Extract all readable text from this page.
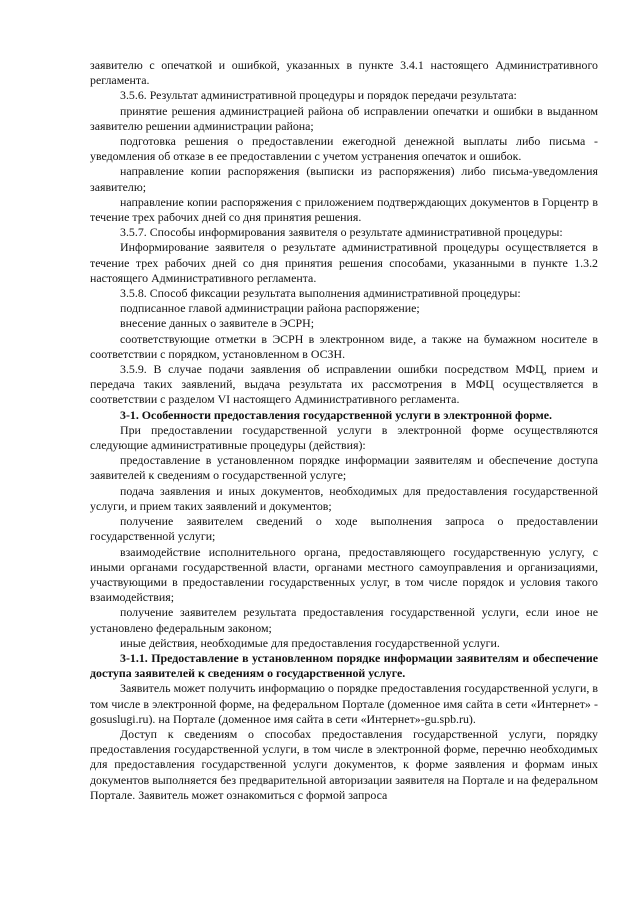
заявителю с опечаткой и ошибкой, указанных в пункте 3.4.1 настоящего Административного регламента.

3.5.6. Результат административной процедуры и порядок передачи результата:

принятие решения администрацией района об исправлении опечатки и ошибки в выданном заявителю решении администрации района;

подготовка решения о предоставлении ежегодной денежной выплаты либо письма - уведомления об отказе в ее предоставлении с учетом устранения опечаток и ошибок.

направление копии распоряжения (выписки из распоряжения) либо письма-уведомления заявителю;

направление копии распоряжения с приложением подтверждающих документов в Горцентр в течение трех рабочих дней со дня принятия решения.

3.5.7. Способы информирования заявителя о результате административной процедуры:

Информирование заявителя о результате административной процедуры осуществляется в течение трех рабочих дней со дня принятия решения способами, указанными в пункте 1.3.2 настоящего Административного регламента.

3.5.8. Способ фиксации результата выполнения административной процедуры:

подписанное главой администрации района распоряжение;

внесение данных о заявителе в ЭСРН;

соответствующие отметки в ЭСРН в электронном виде, а также на бумажном носителе в соответствии с порядком, установленном в ОСЗН.

3.5.9. В случае подачи заявления об исправлении ошибки посредством МФЦ, прием и передача таких заявлений, выдача результата их рассмотрения в МФЦ осуществляется в соответствии с разделом VI настоящего Административного регламента.

3-1. Особенности предоставления государственной услуги в электронной форме.

При предоставлении государственной услуги в электронной форме осуществляются следующие административные процедуры (действия):

предоставление в установленном порядке информации заявителям и обеспечение доступа заявителей к сведениям о государственной услуге;

подача заявления и иных документов, необходимых для предоставления государственной услуги, и прием таких заявлений и документов;

получение заявителем сведений о ходе выполнения запроса о предоставлении государственной услуги;

взаимодействие исполнительного органа, предоставляющего государственную услугу, с иными органами государственной власти, органами местного самоуправления и организациями, участвующими в предоставлении государственных услуг, в том числе порядок и условия такого взаимодействия;

получение заявителем результата предоставления государственной услуги, если иное не установлено федеральным законом;

иные действия, необходимые для предоставления государственной услуги.

3-1.1. Предоставление в установленном порядке информации заявителям и обеспечение доступа заявителей к сведениям о государственной услуге.

Заявитель может получить информацию о порядке предоставления государственной услуги, в том числе в электронной форме, на федеральном Портале (доменное имя сайта в сети «Интернет» - gosuslugi.ru). на Портале (доменное имя сайта в сети «Интернет»-gu.spb.ru).

Доступ к сведениям о способах предоставления государственной услуги, порядку предоставления государственной услуги, в том числе в электронной форме, перечню необходимых для предоставления государственной услуги документов, к форме заявления и формам иных документов выполняется без предварительной авторизации заявителя на Портале и на федеральном Портале. Заявитель может ознакомиться с формой запроса
